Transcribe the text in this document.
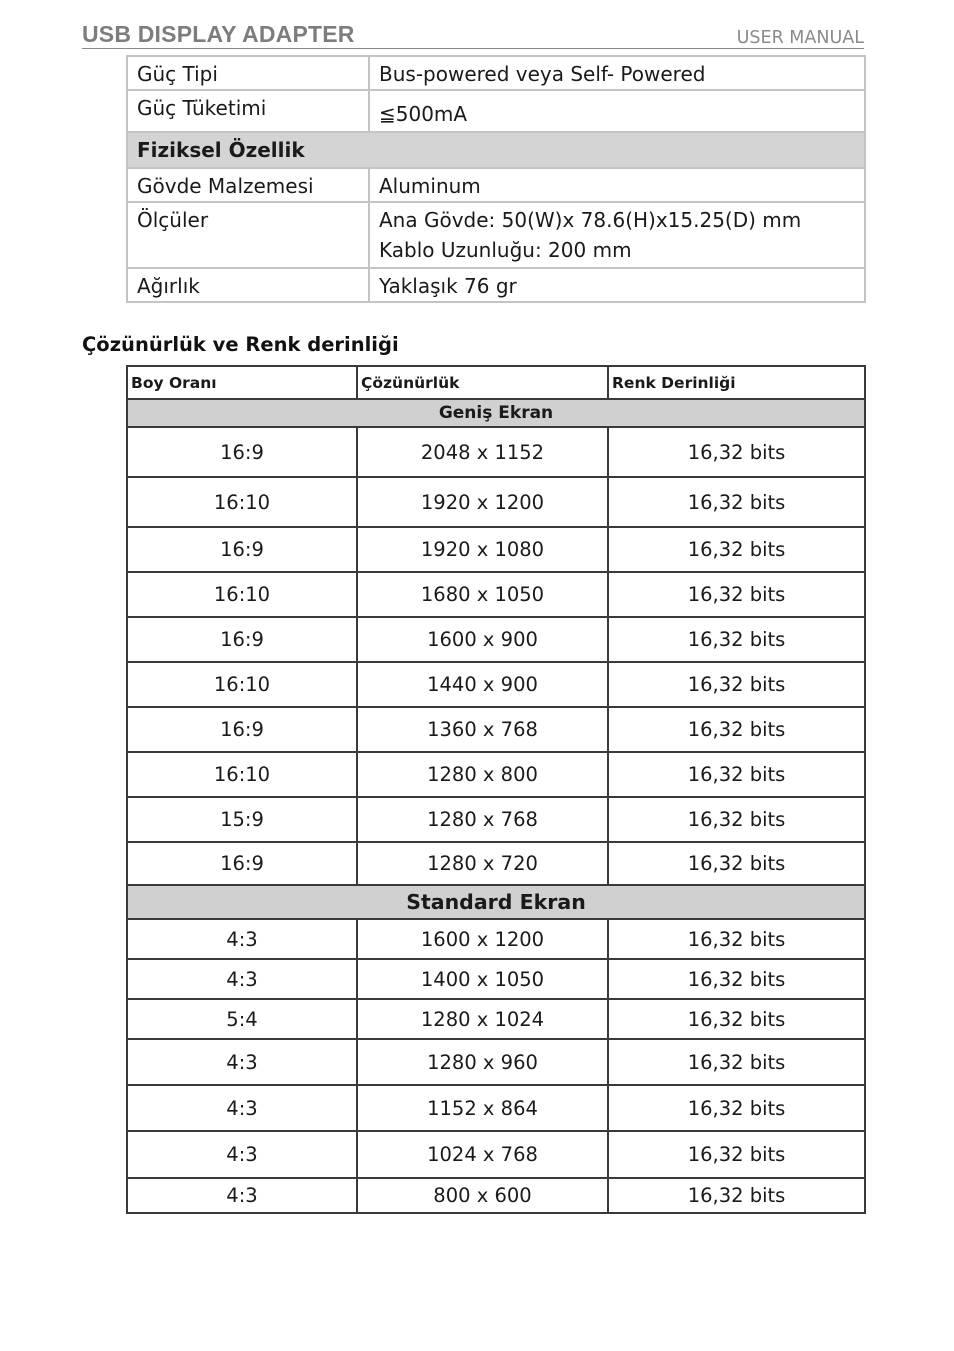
USB DISPLAY ADAPTER	USER MANUAL
Güç Tipi	Bus-powered veya Self- Powered

Güç Tüketimi	≦500mA

Fiziksel Özellik	
Gövde Malzemesi	Aluminum

Ölçüler	Ana Gövde: 50(W)x 78.6(H)x15.25(D) mm
Kablo Uzunluğu: 200 mm

Ağırlık	Yaklaşık 76 gr
Çözünürlük ve Renk derinliği
Boy Oranı	Çözünürlük	Renk Derinliği
Geniş Ekran		
16:9	2048 x 1152	16,32 bits
16:10	1920 x 1200	16,32 bits
16:9	1920 x 1080	16,32 bits
16:10	1680 x 1050	16,32 bits
16:9	1600 x 900	16,32 bits
16:10	1440 x 900	16,32 bits
16:9	1360 x 768	16,32 bits
16:10	1280 x 800	16,32 bits
15:9	1280 x 768	16,32 bits
16:9	1280 x 720	16,32 bits
Standard Ekran		
4:3	1600 x 1200	16,32 bits
4:3	1400 x 1050	16,32 bits
5:4	1280 x 1024	16,32 bits
4:3	1280 x 960	16,32 bits
4:3	1152 x 864	16,32 bits
4:3	1024 x 768	16,32 bits
4:3	800 x 600	16,32 bits
